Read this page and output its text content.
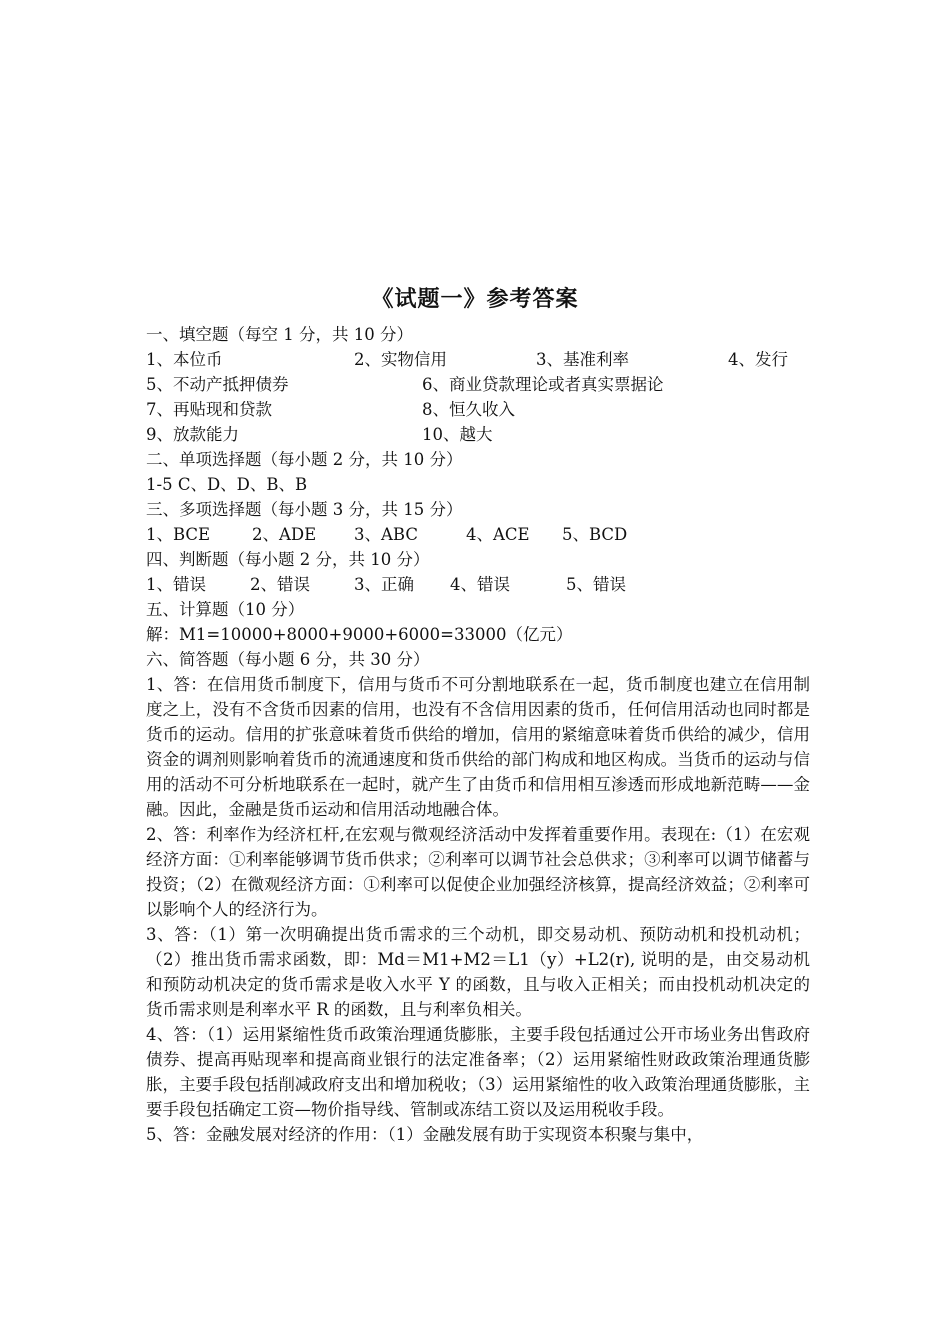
《试题一》参考答案
一、填空题（每空 1 分，共 10 分）
1、本位币	2、实物信用	3、基准利率	4、发行
5、不动产抵押债券	6、商业贷款理论或者真实票据论
7、再贴现和贷款	8、恒久收入
9、放款能力	10、越大
二、单项选择题（每小题 2 分，共 10 分）
1-5 C、D、D、B、B
三、多项选择题（每小题 3 分，共 15 分）
1、BCE	2、ADE 3、ABC	4、ACE 5、BCD
四、判断题（每小题 2 分，共 10 分）
1、错误	2、错误	3、正确 4、错误	5、错误
五、计算题（10 分）
解：M1=10000+8000+9000+6000=33000（亿元）
六、简答题（每小题 6 分，共 30 分）
1、答：在信用货币制度下，信用与货币不可分割地联系在一起，货币制度也建立在信用制度之上，没有不含货币因素的信用，也没有不含信用因素的货币，任何信用活动也同时都是货币的运动。信用的扩张意味着货币供给的增加，信用的紧缩意味着货币供给的减少，信用资金的调剂则影响着货币的流通速度和货币供给的部门构成和地区构成。当货币的运动与信用的活动不可分析地联系在一起时，就产生了由货币和信用相互渗透而形成地新范畴——金融。因此，金融是货币运动和信用活动地融合体。
2、答：利率作为经济杠杆,在宏观与微观经济活动中发挥着重要作用。表现在:（1）在宏观经济方面：①利率能够调节货币供求；②利率可以调节社会总供求；③利率可以调节储蓄与投资；（2）在微观经济方面：①利率可以促使企业加强经济核算，提高经济效益；②利率可以影响个人的经济行为。
3、答：（1）第一次明确提出货币需求的三个动机，即交易动机、预防动机和投机动机；（2）推出货币需求函数，即：Md＝M1+M2＝L1（y）+L2(r), 说明的是，由交易动机和预防动机决定的货币需求是收入水平 Y 的函数，且与收入正相关；而由投机动机决定的货币需求则是利率水平 R 的函数，且与利率负相关。
4、答：（1）运用紧缩性货币政策治理通货膨胀，主要手段包括通过公开市场业务出售政府债券、提高再贴现率和提高商业银行的法定准备率；（2）运用紧缩性财政政策治理通货膨胀，主要手段包括削减政府支出和增加税收；（3）运用紧缩性的收入政策治理通货膨胀，主要手段包括确定工资—物价指导线、管制或冻结工资以及运用税收手段。
5、答：金融发展对经济的作用：（1）金融发展有助于实现资本积聚与集中，
